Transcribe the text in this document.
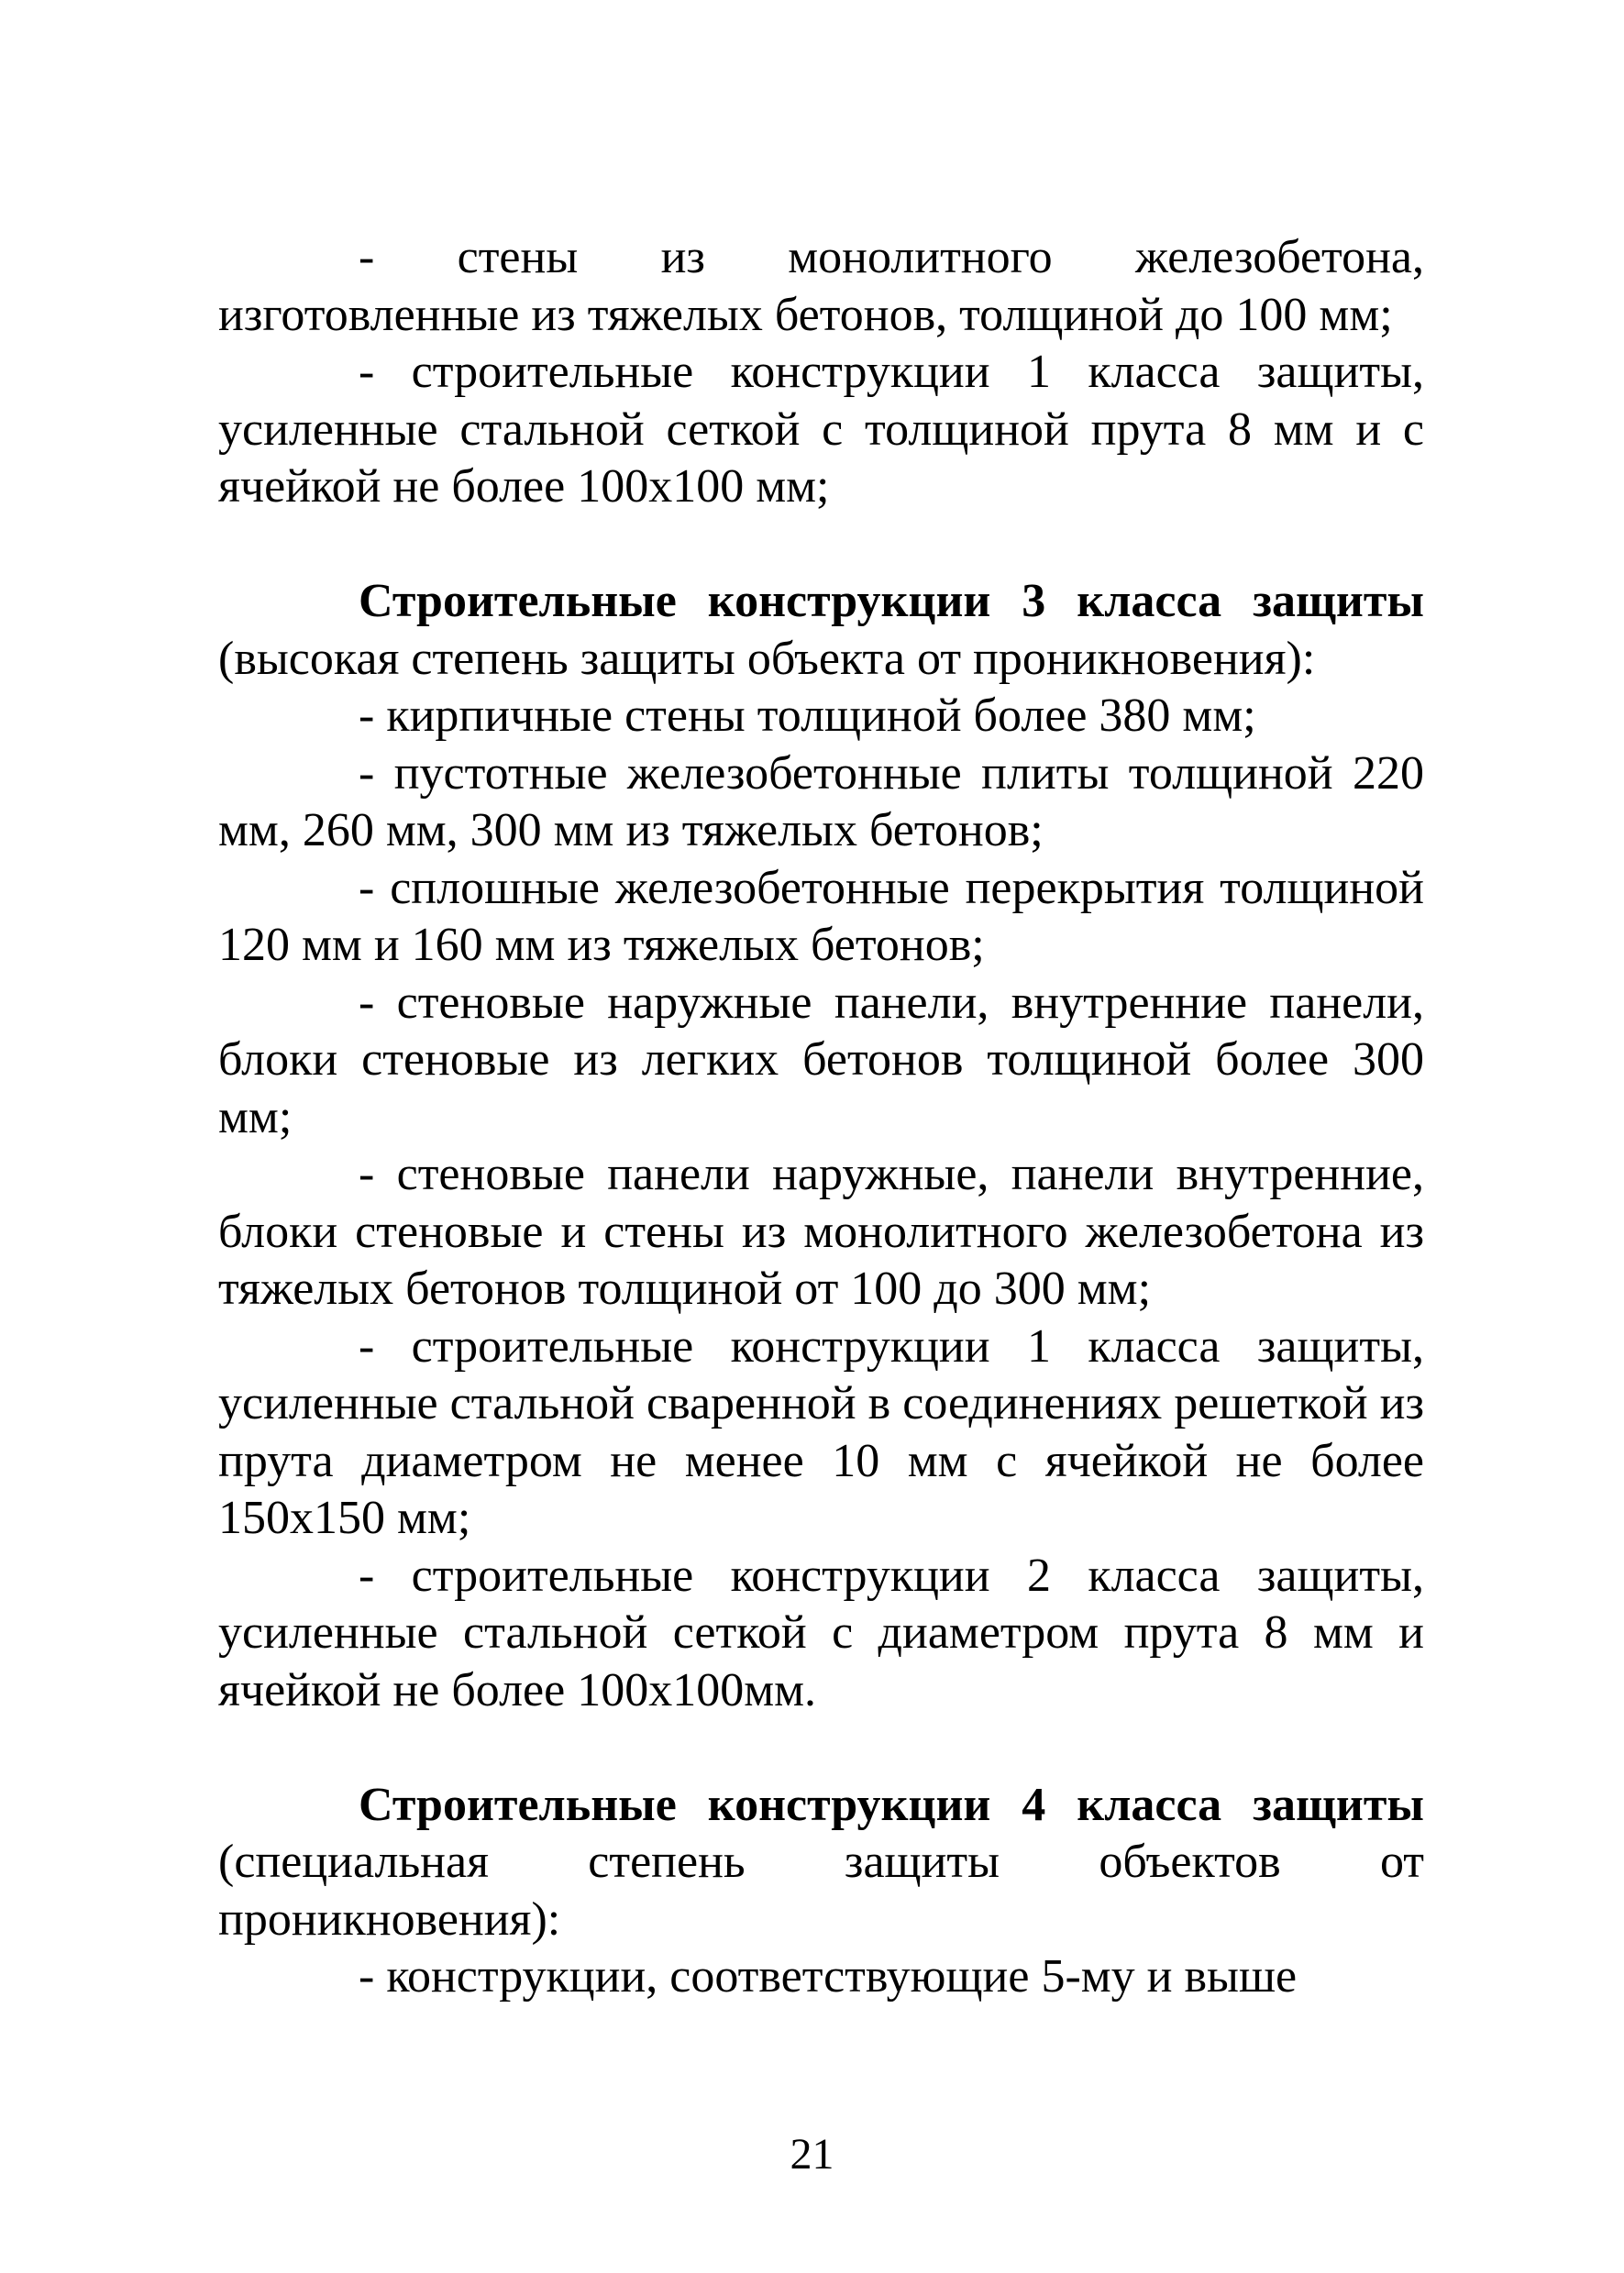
- стены из монолитного железобетона, изготовленные из тяжелых бетонов, толщиной до 100 мм;

- строительные конструкции 1 класса защиты, усиленные стальной сеткой с толщиной прута 8 мм и с ячейкой не более 100х100 мм;

Строительные конструкции 3 класса защиты (высокая степень защиты объекта от проникновения):

- кирпичные стены толщиной более 380 мм;

- пустотные железобетонные плиты толщиной 220 мм, 260 мм, 300 мм из тяжелых бетонов;

- сплошные железобетонные перекрытия толщиной 120 мм и 160 мм из тяжелых бетонов;

- стеновые наружные панели, внутренние панели, блоки стеновые из легких бетонов толщиной более 300 мм;

- стеновые панели наружные, панели внутренние, блоки стеновые и стены из монолитного железобетона из тяжелых бетонов толщиной от 100 до 300 мм;

- строительные конструкции 1 класса защиты, усиленные стальной сваренной в соединениях решеткой из прута диаметром не менее 10 мм с ячейкой не более 150х150 мм;

- строительные конструкции 2 класса защиты, усиленные стальной сеткой с диаметром прута 8 мм и ячейкой не более 100х100мм.

Строительные конструкции 4 класса защиты (специальная степень защиты объектов от проникновения):

- конструкции, соответствующие 5-му и выше

21
